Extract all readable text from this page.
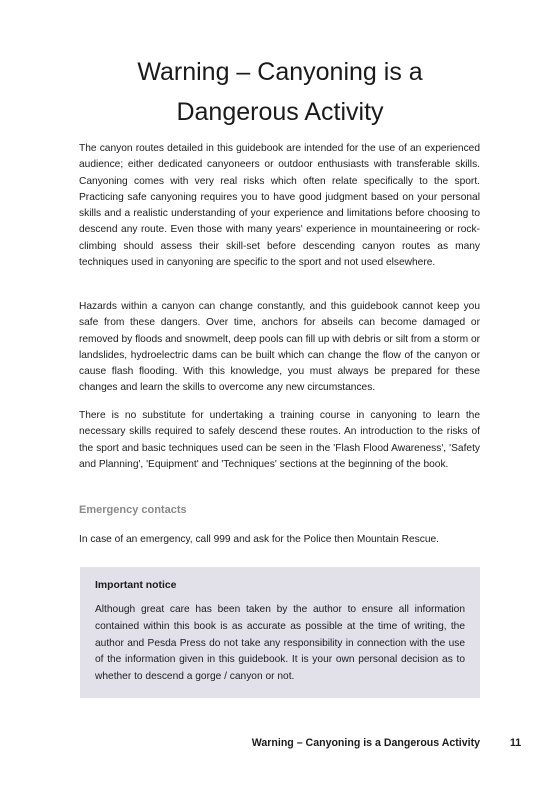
Warning – Canyoning is a
Dangerous Activity

The canyon routes detailed in this guidebook are intended for the use of an experienced audience; either dedicated canyoneers or outdoor enthusiasts with transferable skills. Canyoning comes with very real risks which often relate specifically to the sport. Practicing safe canyoning requires you to have good judgment based on your personal skills and a realistic understanding of your experience and limitations before choosing to descend any route. Even those with many years' experience in mountaineering or rock-climbing should assess their skill-set before descending canyon routes as many techniques used in canyoning are specific to the sport and not used elsewhere.

Hazards within a canyon can change constantly, and this guidebook cannot keep you safe from these dangers. Over time, anchors for abseils can become damaged or removed by floods and snowmelt, deep pools can fill up with debris or silt from a storm or landslides, hydroelectric dams can be built which can change the flow of the canyon or cause flash flooding. With this knowledge, you must always be prepared for these changes and learn the skills to overcome any new circumstances.

There is no substitute for undertaking a training course in canyoning to learn the necessary skills required to safely descend these routes. An introduction to the risks of the sport and basic techniques used can be seen in the 'Flash Flood Awareness', 'Safety and Planning', 'Equipment' and 'Techniques' sections at the beginning of the book.

Emergency contacts

In case of an emergency, call 999 and ask for the Police then Mountain Rescue.

Important notice

Although great care has been taken by the author to ensure all information contained within this book is as accurate as possible at the time of writing, the author and Pesda Press do not take any responsibility in connection with the use of the information given in this guidebook. It is your own personal decision as to whether to descend a gorge / canyon or not.

Warning – Canyoning is a Dangerous Activity	11
